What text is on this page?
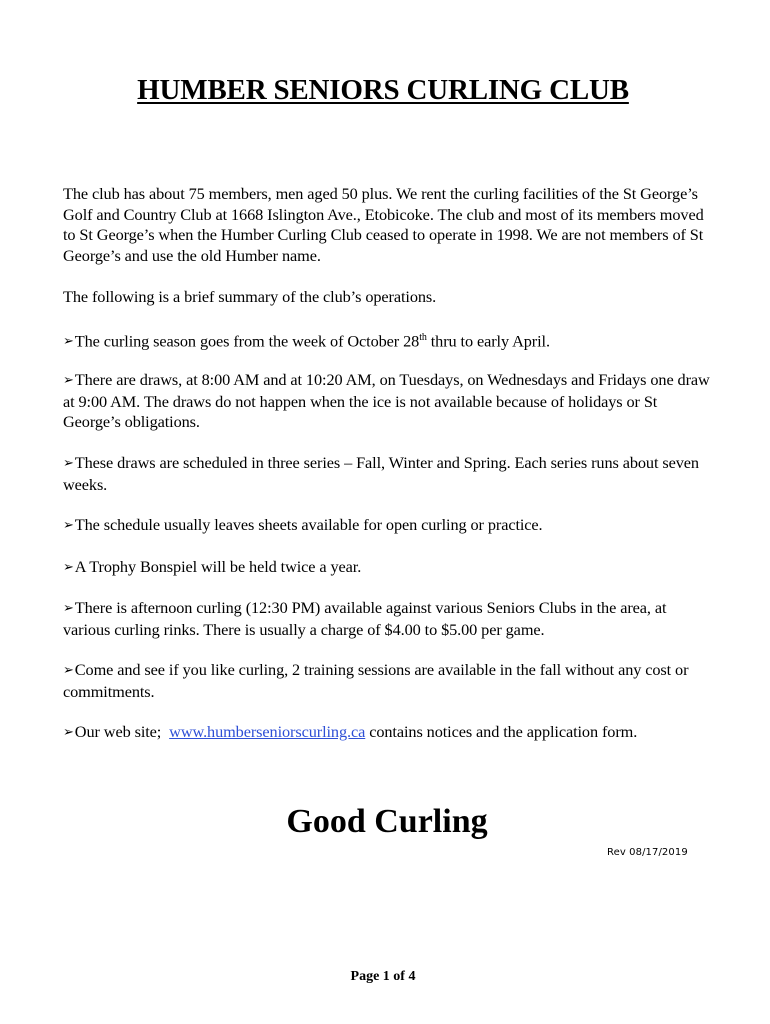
HUMBER SENIORS CURLING CLUB
The club has about 75 members, men aged 50 plus. We rent the curling facilities of the St George’s Golf and Country Club at 1668 Islington Ave., Etobicoke. The club and most of its members moved to St George’s when the Humber Curling Club ceased to operate in 1998. We are not members of St George’s and use the old Humber name.
The following is a brief summary of the club’s operations.
➢The curling season goes from the week of October 28th thru to early April.
➢There are draws, at 8:00 AM and at 10:20 AM, on Tuesdays, on Wednesdays and Fridays one draw at 9:00 AM. The draws do not happen when the ice is not available because of holidays or St George’s obligations.
➢These draws are scheduled in three series – Fall, Winter and Spring. Each series runs about seven weeks.
➢The schedule usually leaves sheets available for open curling or practice.
➢A Trophy Bonspiel will be held twice a year.
➢There is afternoon curling (12:30 PM) available against various Seniors Clubs in the area, at various curling rinks. There is usually a charge of $4.00 to $5.00 per game.
➢Come and see if you like curling, 2 training sessions are available in the fall without any cost or commitments.
➢Our web site;  www.humberseniorscurling.ca contains notices and the application form.
Good Curling
Rev 08/17/2019
Page 1 of 4
